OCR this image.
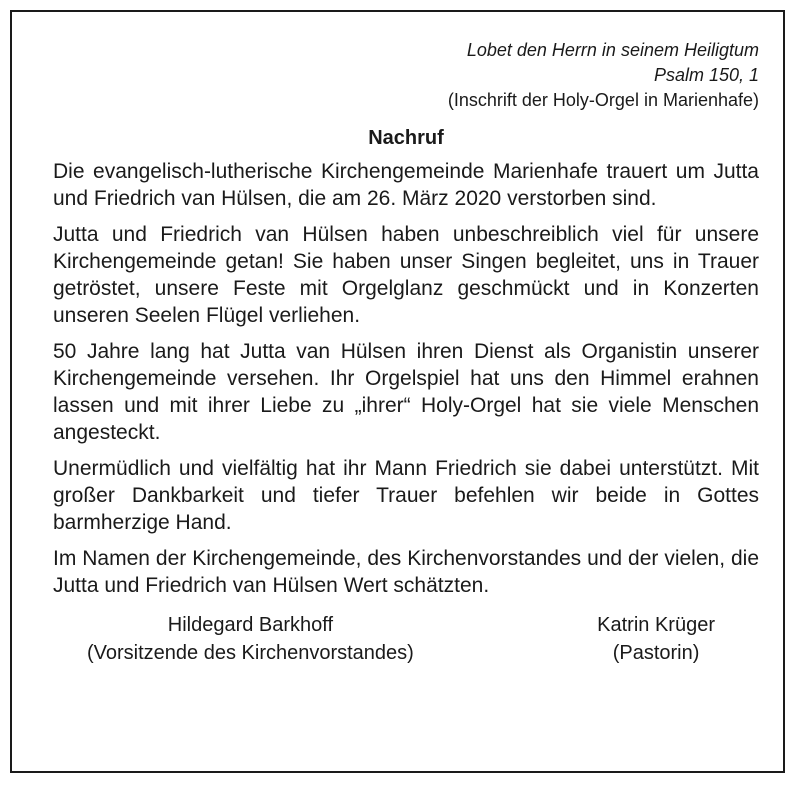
Lobet den Herrn in seinem Heiligtum
Psalm 150, 1
(Inschrift der Holy-Orgel in Marienhafe)
Nachruf
Die evangelisch-lutherische Kirchengemeinde Marienhafe trauert um Jutta und Friedrich van Hülsen, die am 26. März 2020 verstorben sind.
Jutta und Friedrich van Hülsen haben unbeschreiblich viel für unsere Kirchengemeinde getan! Sie haben unser Singen begleitet, uns in Trauer getröstet, unsere Feste mit Orgelglanz geschmückt und in Konzerten unseren Seelen Flügel verliehen.
50 Jahre lang hat Jutta van Hülsen ihren Dienst als Organistin unserer Kirchengemeinde versehen. Ihr Orgelspiel hat uns den Himmel erahnen lassen und mit ihrer Liebe zu „ihrer“ Holy-Orgel hat sie viele Menschen angesteckt.
Unermüdlich und vielfältig hat ihr Mann Friedrich sie dabei unterstützt. Mit großer Dankbarkeit und tiefer Trauer befehlen wir beide in Gottes barmherzige Hand.
Im Namen der Kirchengemeinde, des Kirchenvorstandes und der vielen, die Jutta und Friedrich van Hülsen Wert schätzten.
Hildegard Barkhoff
(Vorsitzende des Kirchenvorstandes)
Katrin Krüger
(Pastorin)
